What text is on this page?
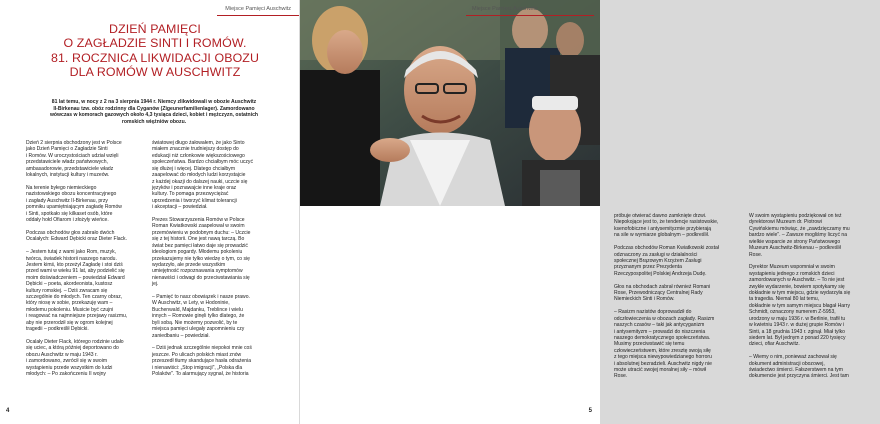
Miejsce Pamięci Auschwitz
DZIEŃ PAMIĘCI
O ZAGŁADZIE SINTI I ROMÓW.
81. ROCZNICA LIKWIDACJI OBOZU
DLA ROMÓW W AUSCHWITZ
81 lat temu, w nocy z 2 na 3 sierpnia 1944 r. Niemcy zlikwidowali w obozie Auschwitz
II-Birkenau tzw. obóz rodzinny dla Cyganów (Zigeunerfamilienlager). Zamordowano
wówczas w komorach gazowych około 4,3 tysiąca dzieci, kobiet i mężczyzn, ostatnich
romskich więźniów obozu.

Dzień 2 sierpnia obchodzony jest w Polsce
jako Dzień Pamięci o Zagładzie Sinti
i Romów. W uroczystościach udział wzięli
przedstawiciele władz państwowych,
ambasadorowie, przedstawiciele władz
lokalnych, instytucji kultury i muzeów.

Na terenie byłego niemieckiego
nazistowskiego obozu koncentracyjnego
i zagłady Auschwitz II-Birkenau, przy
pomniku upamiętniającym zagładę Romów
i Sinti, spotkało się kilkaset osób, które
oddały hołd Ofiarom i złożyły wieńce.

Podczas obchodów głos zabrało dwóch
Ocalałych: Edward Dębicki oraz Dieter Flack.

– Jestem tutaj z wami jako Rom, muzyk,
twórca, świadek historii naszego narodu.
Jestem kimś, kto przeżył Zagładę i stoi dziś
przed wami w wieku 91 lat, aby podzielić się
moim doświadczeniem – powiedział Edward
Dębicki – poeta, akordeonista, kustosz
kultury romskiej. – Dziś zwracam się
szczególnie do młodych. Ten czarny obraz,
który niosę w sobie, przekazuję wam –
młodemu pokoleniu. Musicie być czujni
i reagować na najmniejsze przejawy rasizmu,
aby nie przerodził się w ogrom kolejnej
tragedii – podkreślił Dębicki.

Ocalały Dieter Flack, którego rodzinie udało
się uciec, a którą później deportowano do
obozu Auschwitz w maju 1943 r.
i zamordowano, zwrócił się w swoim
wystąpieniu przede wszystkim do ludzi
młodych: – Po zakończeniu II wojny

światowej długo żałowałem, że jako Sinto
miałem znacznie trudniejszy dostęp do
edukacji niż członkowie większościowego
społeczeństwa. Bardzo chciałbym móc uczyć
się dłużej i więcej. Dlatego chciałbym
zaapelować do młodych ludzi korzystajcie
z każdej okazji do dalszej nauki, uczcie się
języków i poznawajcie inne kraje oraz
kultury. To pomaga przezwyciężać
uprzedzenia i tworzyć klimat tolerancji
i akceptacji – powiedział.

Prezes Stowarzyszenia Romów w Polsce
Roman Kwiatkowski zaapelował w swoim
przemówieniu w podobnym duchu: – Uczcie
się z tej historii. One jest nawą tarczą. Bo
świat bez pamięci łatwo daje się prowadzić
ideologiom pogardy. Młodemu pokoleniu
przekazujemy nie tylko wiedzę o tym, co się
wydarzyło, ale przede wszystkim
umiejętność rozpoznawania symptomów
nienawiści i odwagi do przeciwstawiania się
jej.

– Pamięć to nasz obowiązek i nasze prawo.
W Auschwitz, w Lety, w Hodoninie,
Buchenwald, Majdanku, Treblince i wielu
innych – Romowie ginęli tylko dlatego, że
byli sobą. Nie możemy pozwolić, by te
miejsca pamięci ulegały zapomnieniu czy
zaniedbaniu – powiedział.

– Dziś jednak szczególnie niepokoi mnie coś
jeszcze. Po ulicach polskich miast znów
przeszedł tłumy skandujące hasła odrażenia
i nienawiści: „Stop imigracji", „Polska dla
Polaków". To alarmujący sygnał, że historia

4
Miejsce Pamięci Auschwitz

próbuje otwierać dawno zamknięte drzwi.
Niepokojące jest to, że tendencje rasistowskie,
ksenofobiczne i antysemityzmie przybierają
na sile w wymiarze globalnym – podkreślił.

Podczas obchodów Roman Kwiatkowski został
odznaczony za zasługi w działalności
społecznej Brązowym Krzyżem Zasługi
przyznanym przez Prezydenta
Rzeczypospolitej Polskiej Andrzeja Dudę.

Głos na obchodach zabrał również Romani
Rose, Przewodniczący Centralnej Rady
Niemieckich Sinti i Romów.

– Rasizm nazistów doprowadził do
odczłowieczenia w obozach zagłady. Rasizm
naszych czasów – taki jak antycyganizm
i antysemityzm – prowadzi do niszczenia
naszego demokratycznego społeczeństwa.
Musimy przeciwstawić się temu
człowieczeństwem, które zresztę swoją siłę
z tego miejsca niewypowiedzianego horroru
i absolutnej bezradzieli. Auschwitz nigdy nie
może utracić swojej moralnej siły – mówił
Rose.

W swoim wystąpieniu podziękował on też
dyrektorowi Muzeum dr. Piotrowi
Cywińskiemu mówiąc, że „zawdzięczamy mu
bardzo wiele". – Zawsze mogliśmy liczyć na
wielkie wsparcie ze strony Państwowego
Muzeum Auschwitz-Birkenau – podkreślił
Rose.

Dyrektor Muzeum wspomniał w swoim
wystąpieniu jednego z romskich dzieci
zamordowanych w Auschwitz. – To nie jest
zwykłe wydarzenie, bowiem spotykamy się
dokładnie w tym miejscu, gdzie wydarzyła się
ta tragedia. Niemal 80 lat temu,
dokładnie w tym samym miejscu błagał Harry
Schmidt, oznaczony numerem Z-5953,
urodzony w maju 1936 r. w Berlinie, trafił tu
w kwietniu 1943 r. w dużej grupie Romów i
Sinti, a 18 grudnia 1943 r. zginął. Miał tylko
siedem lat. Był jednym z ponad 220 tysięcy
dzieci, ofiar Auschwitz.

– Wiemy o nim, ponieważ zachował się
dokument administracji obozowej,
świadectwo śmierci. Fałszerstwem na tym
dokumencie jest przyczyna śmierci. Jest tam

5
